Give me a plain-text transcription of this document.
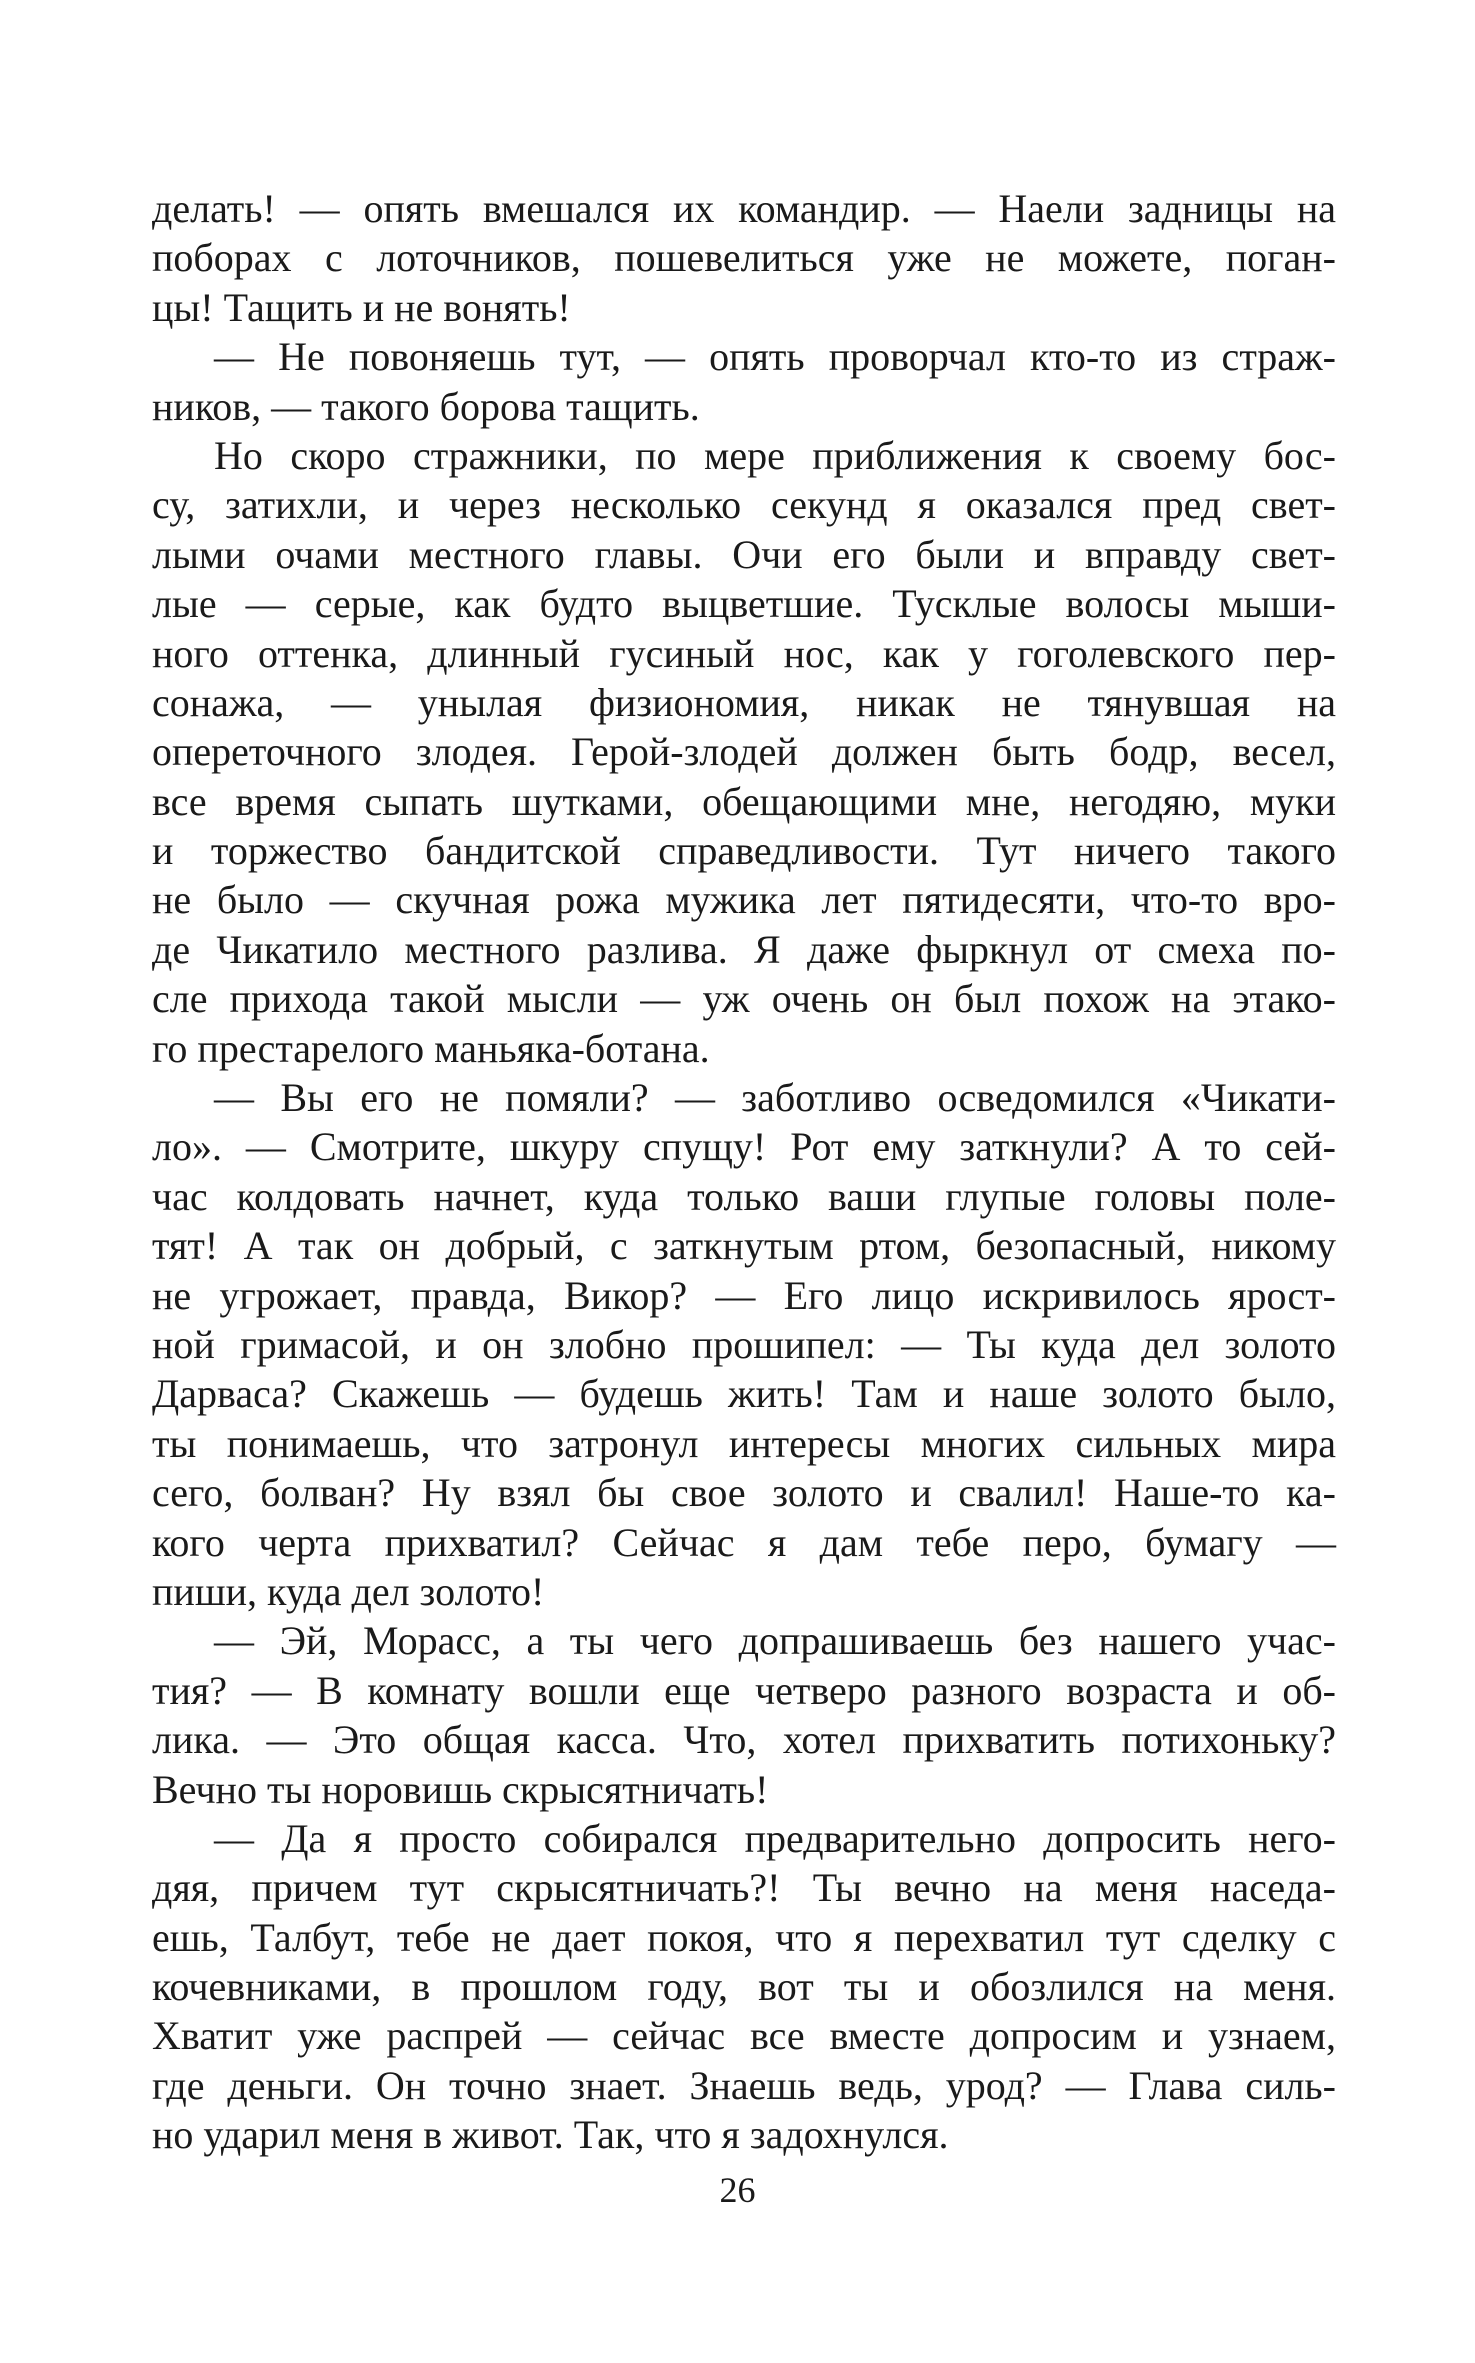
делать! — опять вмешался их командир. — Наели задницы на
поборах с лоточников, пошевелиться уже не можете, поган-
цы! Тащить и не вонять!
— Не повоняешь тут, — опять проворчал кто-то из страж-
ников, — такого борова тащить.
Но скоро стражники, по мере приближения к своему бос-
су, затихли, и через несколько секунд я оказался пред свет-
лыми очами местного главы. Очи его были и вправду свет-
лые — серые, как будто выцветшие. Тусклые волосы мыши-
ного оттенка, длинный гусиный нос, как у гоголевского пер-
сонажа, — унылая физиономия, никак не тянувшая на
опереточного злодея. Герой-злодей должен быть бодр, весел,
все время сыпать шутками, обещающими мне, негодяю, муки
и торжество бандитской справедливости. Тут ничего такого
не было — скучная рожа мужика лет пятидесяти, что-то вро-
де Чикатило местного разлива. Я даже фыркнул от смеха по-
сле прихода такой мысли — уж очень он был похож на этако-
го престарелого маньяка-ботана.
— Вы его не помяли? — заботливо осведомился «Чикати-
ло». — Смотрите, шкуру спущу! Рот ему заткнули? А то сей-
час колдовать начнет, куда только ваши глупые головы поле-
тят! А так он добрый, с заткнутым ртом, безопасный, никому
не угрожает, правда, Викор? — Его лицо искривилось ярост-
ной гримасой, и он злобно прошипел: — Ты куда дел золото
Дарваса? Скажешь — будешь жить! Там и наше золото было,
ты понимаешь, что затронул интересы многих сильных мира
сего, болван? Ну взял бы свое золото и свалил! Наше-то ка-
кого черта прихватил? Сейчас я дам тебе перо, бумагу —
пиши, куда дел золото!
— Эй, Морасс, а ты чего допрашиваешь без нашего учас-
тия? — В комнату вошли еще четверо разного возраста и об-
лика. — Это общая касса. Что, хотел прихватить потихоньку?
Вечно ты норовишь скрысятничать!
— Да я просто собирался предварительно допросить него-
дяя, причем тут скрысятничать?! Ты вечно на меня наседа-
ешь, Талбут, тебе не дает покоя, что я перехватил тут сделку с
кочевниками, в прошлом году, вот ты и обозлился на меня.
Хватит уже распрей — сейчас все вместе допросим и узнаем,
где деньги. Он точно знает. Знаешь ведь, урод? — Глава силь-
но ударил меня в живот. Так, что я задохнулся.
26
